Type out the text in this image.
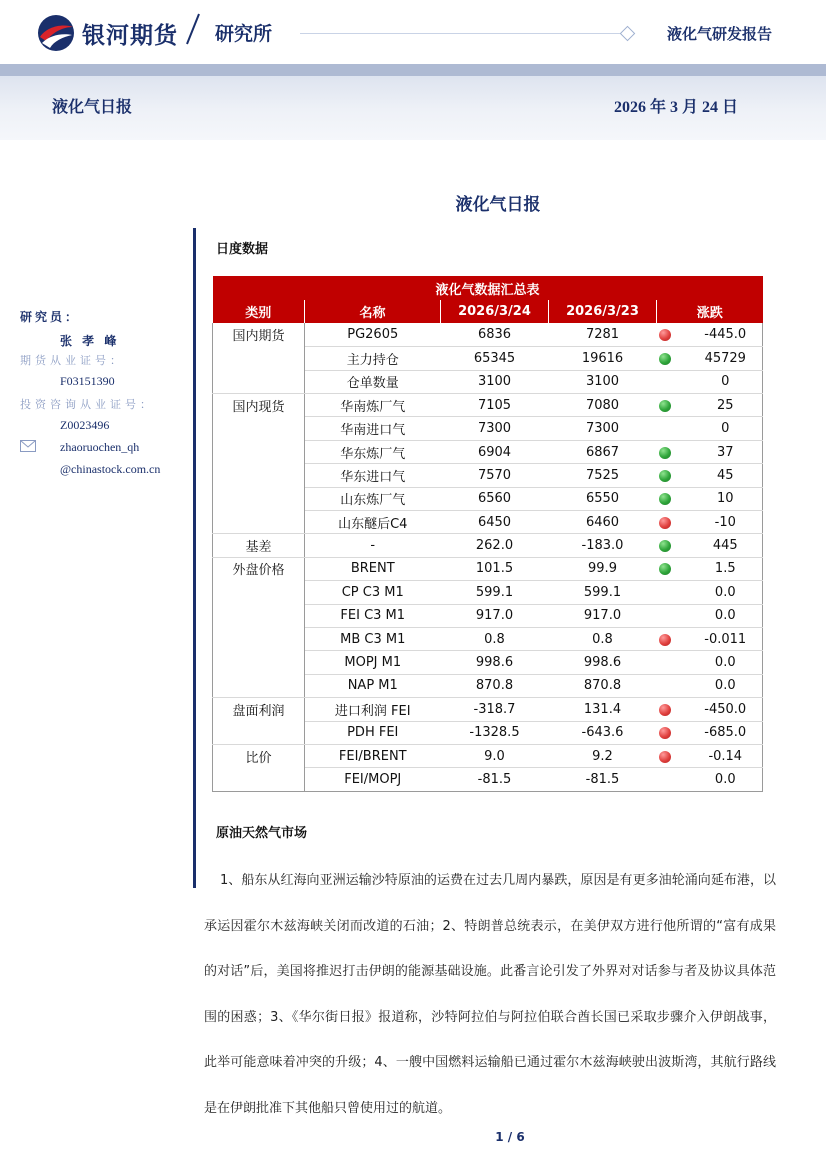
银河期货 研究所	液化气研发报告
液化气日报	2026 年 3 月 24 日
液化气日报
研究员：
张 孝 峰
期货从业证号：
F03151390
投资咨询从业证号：
Z0023496
zhaoruochen_qh
@chinastock.com.cn
日度数据
液化气数据汇总表				
类别	名称	2026/3/24	2026/3/23	涨跌
国内期货	PG2605	6836	7281	-445.0
	主力持仓	65345	19616	45729
	仓单数量	3100	3100	0
国内现货	华南炼厂气	7105	7080	25
	华南进口气	7300	7300	0
	华东炼厂气	6904	6867	37
	华东进口气	7570	7525	45
	山东炼厂气	6560	6550	10
	山东醚后C4	6450	6460	-10
基差	-	262.0	-183.0	445
外盘价格	BRENT	101.5	99.9	1.5
	CP C3 M1	599.1	599.1	0.0
	FEI C3 M1	917.0	917.0	0.0
	MB C3 M1	0.8	0.8	-0.011
	MOPJ M1	998.6	998.6	0.0
	NAP M1	870.8	870.8	0.0
盘面利润	进口利润 FEI	-318.7	131.4	-450.0
	PDH FEI	-1328.5	-643.6	-685.0
比价	FEI/BRENT	9.0	9.2	-0.14
	FEI/MOPJ	-81.5	-81.5	0.0
原油天然气市场
1、船东从红海向亚洲运输沙特原油的运费在过去几周内暴跌，原因是有更多油轮涌向延布港，以承运因霍尔木兹海峡关闭而改道的石油；2、特朗普总统表示，在美伊双方进行他所谓的“富有成果的对话”后，美国将推迟打击伊朗的能源基础设施。此番言论引发了外界对对话参与者及协议具体范围的困惑；3、《华尔街日报》报道称，沙特阿拉伯与阿拉伯联合酋长国已采取步骤介入伊朗战事，此举可能意味着冲突的升级；4、一艘中国燃料运输船已通过霍尔木兹海峡驶出波斯湾，其航行路线是在伊朗批准下其他船只曾使用过的航道。
1 / 6
